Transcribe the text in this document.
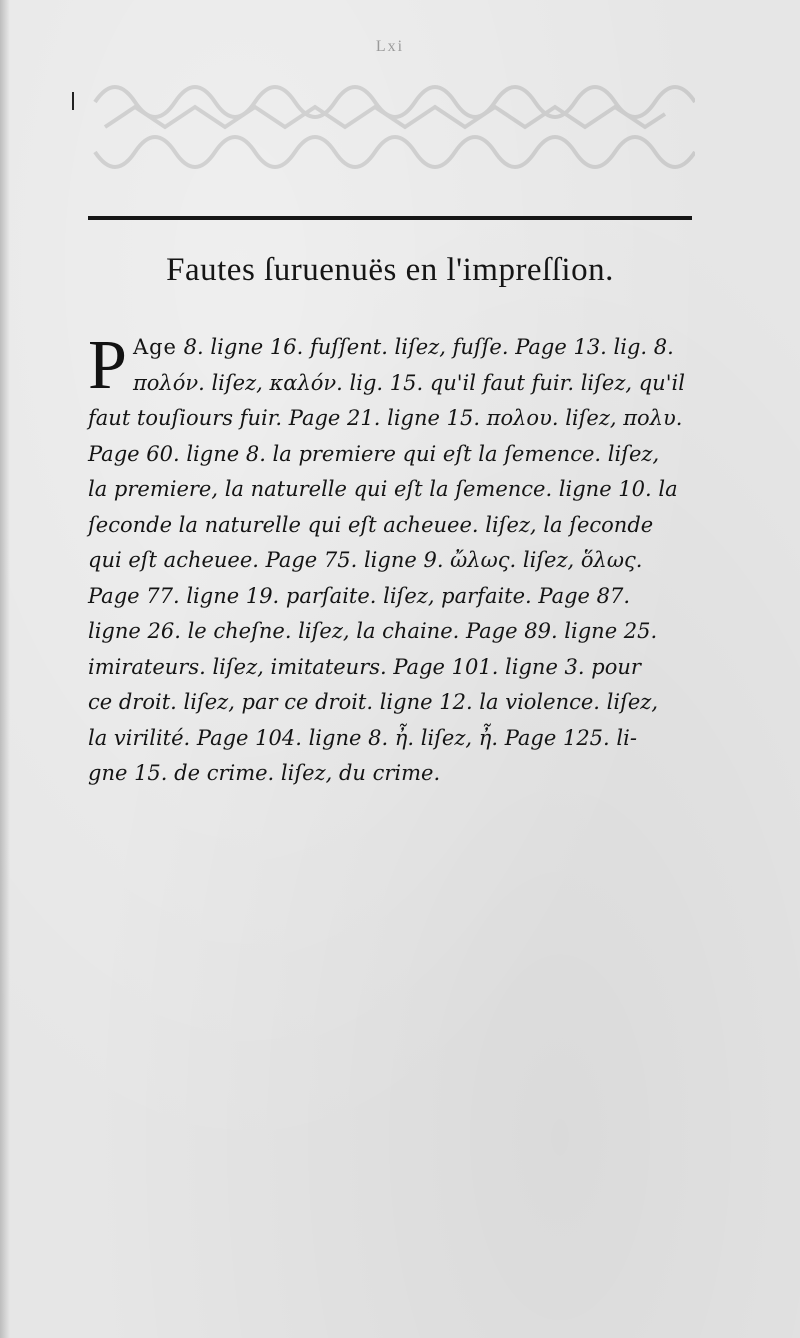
Lxi
Fautes ſuruenuës en l'impreſſion.
P Age 8. ligne 16. fuſſent. liſez, fuſſe. Page 13. lig. 8.
πολόν. liſez, καλόν. lig. 15. qu'il faut fuir. liſez, qu'il
faut touſiours fuir. Page 21. ligne 15. πολου. liſez, πολυ.
Page 60. ligne 8. la premiere qui eſt la ſemence. liſez,
la premiere, la naturelle qui eſt la ſemence. ligne 10. la
ſeconde la naturelle qui eſt acheuee. liſez, la ſeconde
qui eſt acheuee. Page 75. ligne 9. ὤλως. liſez, ὅλως.
Page 77. ligne 19. parſaite. liſez, parfaite. Page 87.
ligne 26. le cheſne. liſez, la chaine. Page 89. ligne 25.
imirateurs. liſez, imitateurs. Page 101. ligne 3. pour
ce droit. liſez, par ce droit. ligne 12. la violence. liſez,
la virilité. Page 104. ligne 8. ἦ. liſez, ἦ. Page 125. li-
gne 15. de crime. liſez, du crime.
